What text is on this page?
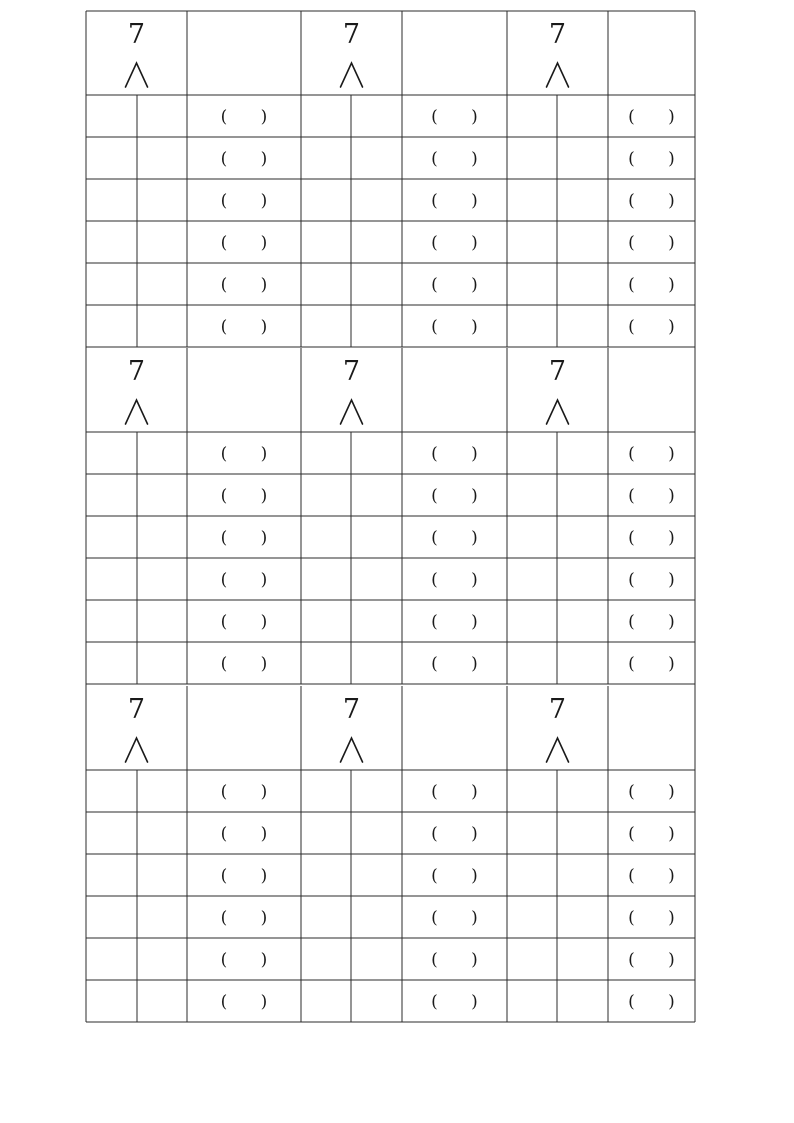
7
( )
( )
( )
( )
( )
( )
7
( )
( )
( )
( )
( )
( )
7
( )
( )
( )
( )
( )
( )
7
( )
( )
( )
( )
( )
( )
7
( )
( )
( )
( )
( )
( )
7
( )
( )
( )
( )
( )
( )
7
( )
( )
( )
( )
( )
( )
7
( )
( )
( )
( )
( )
( )
7
( )
( )
( )
( )
( )
( )
